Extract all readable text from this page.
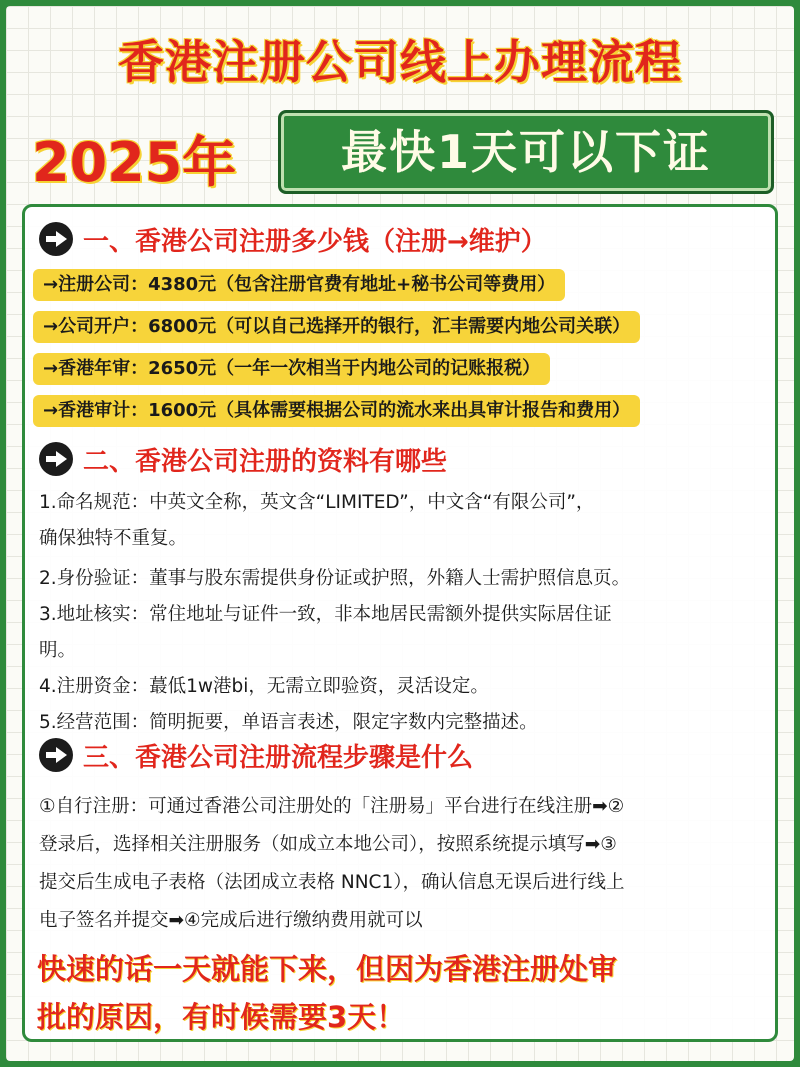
香港注册公司线上办理流程
2025年	最快1天可以下证
一、香港公司注册多少钱（注册→维护）
→注册公司：4380元（包含注册官费有地址+秘书公司等费用）
→公司开户：6800元（可以自己选择开的银行，汇丰需要内地公司关联）
→香港年审：2650元（一年一次相当于内地公司的记账报税）
→香港审计：1600元（具体需要根据公司的流水来出具审计报告和费用）
二、香港公司注册的资料有哪些
1.命名规范：中英文全称，英文含“LIMITED”，中文含“有限公司”，
确保独特不重复。
2.身份验证：董事与股东需提供身份证或护照，外籍人士需护照信息页。
3.地址核实：常住地址与证件一致，非本地居民需额外提供实际居住证
明。
4.注册资金：蕞低1w港bi，无需立即验资，灵活设定。
5.经营范围：简明扼要，单语言表述，限定字数内完整描述。
三、香港公司注册流程步骤是什么
①自行注册：可通过香港公司注册处的「注册易」平台进行在线注册➡②
登录后，选择相关注册服务（如成立本地公司），按照系统提示填写➡③
提交后生成电子表格（法团成立表格 NNC1），确认信息无误后进行线上
电子签名并提交➡④完成后进行缴纳费用就可以
快速的话一天就能下来，但因为香港注册处审
批的原因，有时候需要3天！
